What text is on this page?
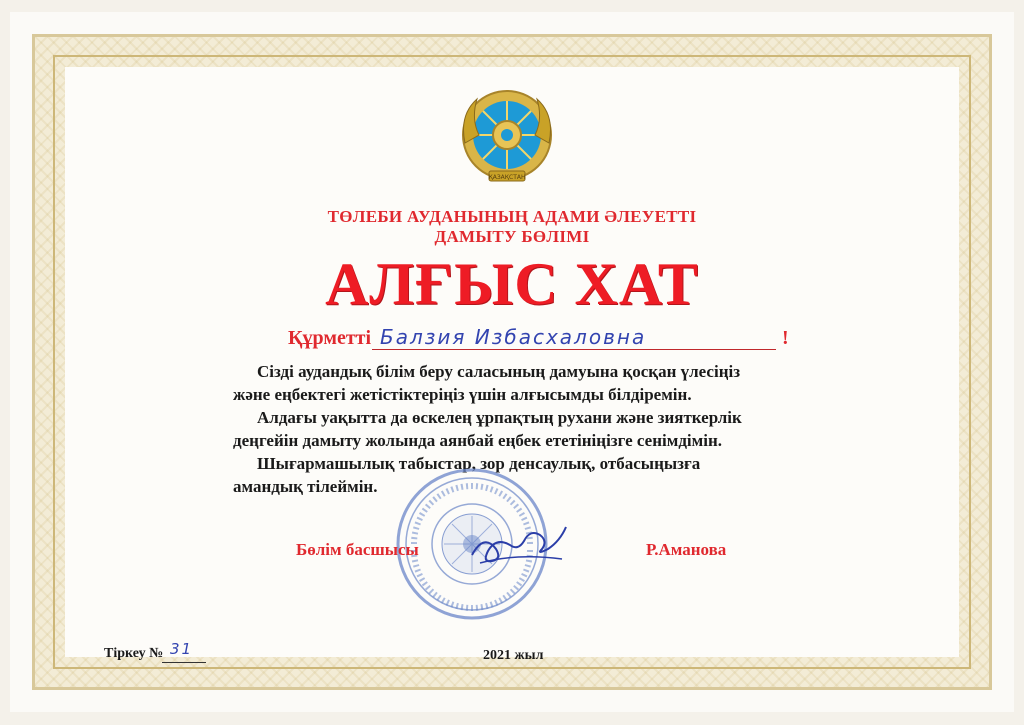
ҚАЗАҚСТАН
ТӨЛЕБИ АУДАНЫНЫҢ АДАМИ ӘЛЕУЕТТІ
ДАМЫТУ БӨЛІМІ
АЛҒЫС ХАТ
Құрметті Балзия Избасхаловна	!

Сізді аудандық білім беру саласының дамуына қосқан үлесіңіз

және еңбектегі жетістіктеріңіз үшін алғысымды білдіремін.

Алдағы уақытта да өскелең ұрпақтың рухани және зияткерлік

деңгейін дамыту жолында аянбай еңбек ететініңізге сенімдімін.

Шығармашылық табыстар, зор денсаулық, отбасыңызға

амандық тілеймін.

Бөлім басшысы	Р.Аманова
Тіркеу № 31	2021 жыл
